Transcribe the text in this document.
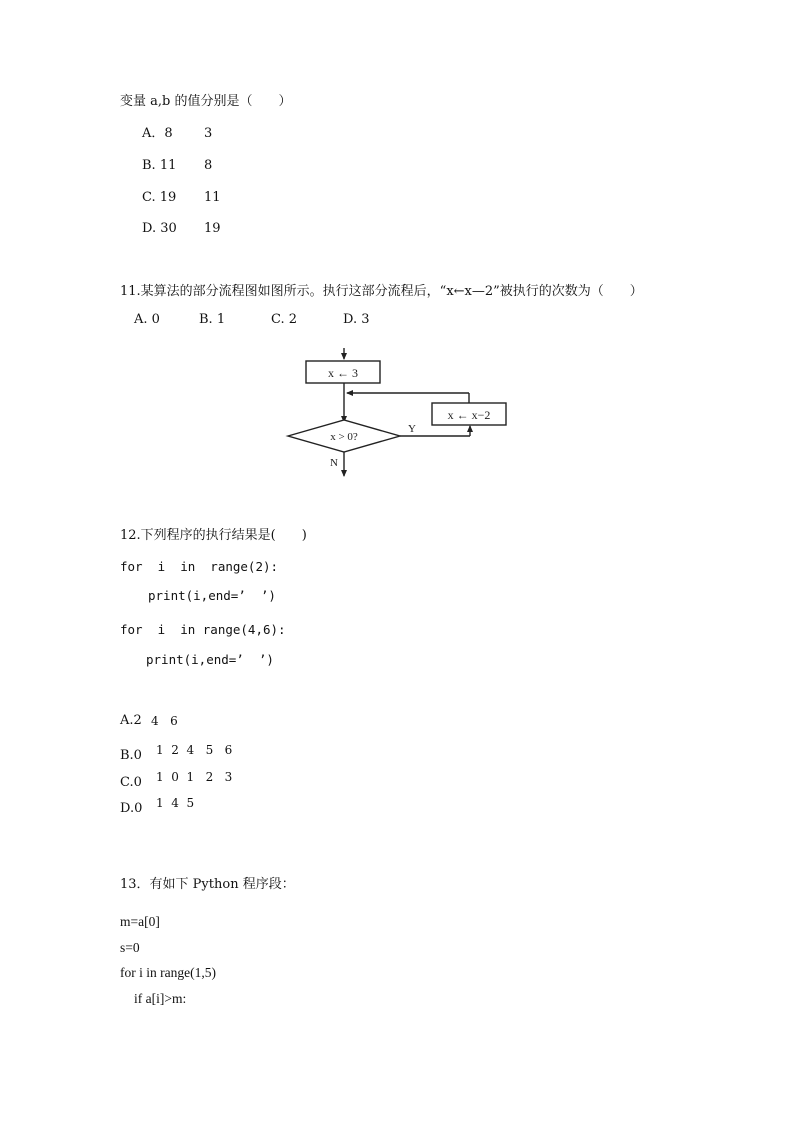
变量 a,b 的值分别是（　　）
A．8 3
B. 11 8
C. 19 11
D. 30 19
11.某算法的部分流程图如图所示。执行这部分流程后，“x←x—2”被执行的次数为（　　）
A. 0	B. 1	C. 2	D. 3
x ← 3
x > 0?
Y
x ← x−2
N
12.下列程序的执行结果是(　　)
for  i  in  range(2):
print(i,end=’  ’)
for  i  in range(4,6):
print(i,end=’  ’)
A.2 4   6
B.0 1  2  4   5   6
C.0 1  0  1   2   3
D.0 1  4  5
13．有如下 Python 程序段：
m=a[0]
s=0
for i in range(1,5)
if a[i]>m:
